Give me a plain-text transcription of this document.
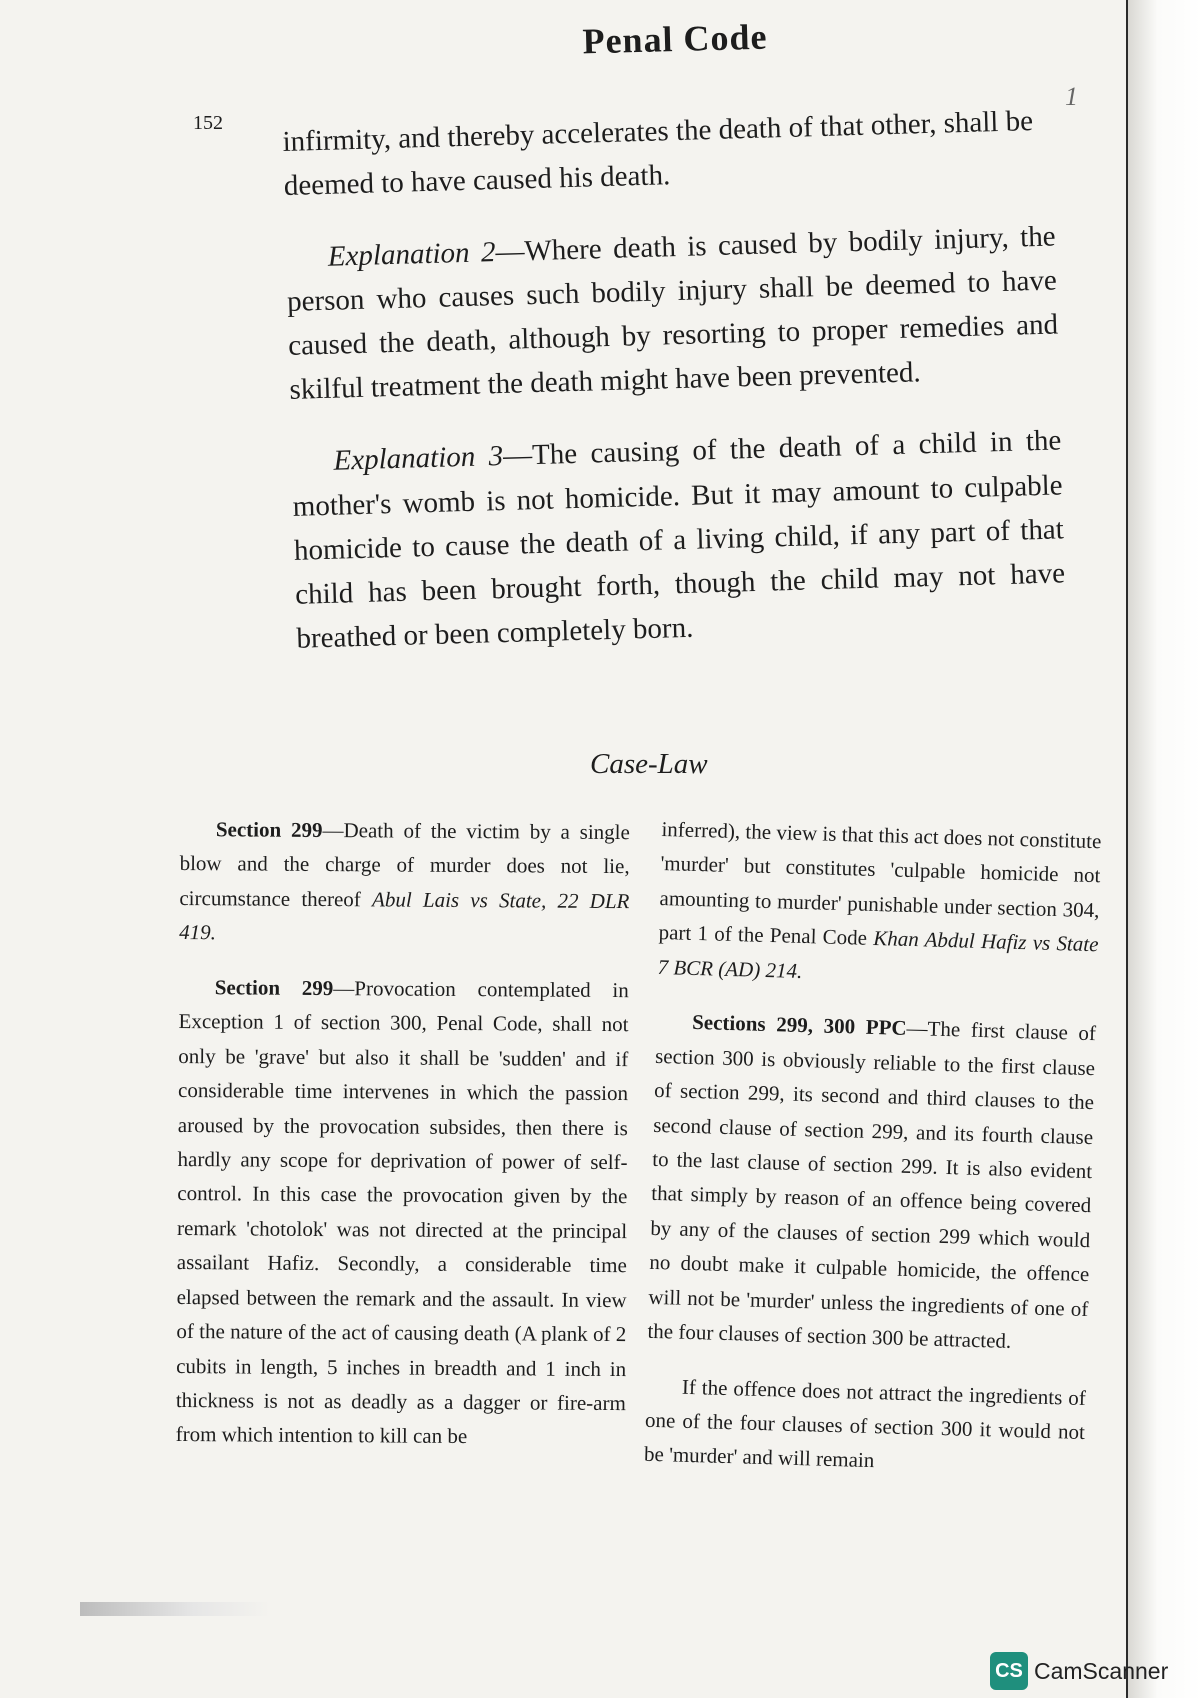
Penal Code
152
1

infirmity, and thereby accelerates the death of that other, shall be deemed to have caused his death.

Explanation 2—Where death is caused by bodily injury, the person who causes such bodily injury shall be deemed to have caused the death, although by resorting to proper remedies and skilful treatment the death might have been prevented.

Explanation 3—The causing of the death of a child in the mother's womb is not homicide. But it may amount to culpable homicide to cause the death of a living child, if any part of that child has been brought forth, though the child may not have breathed or been completely born.

Case-Law

Section 299—Death of the victim by a single blow and the charge of murder does not lie, circumstance thereof Abul Lais vs State, 22 DLR 419.

Section 299—Provocation contemplated in Exception 1 of section 300, Penal Code, shall not only be 'grave' but also it shall be 'sudden' and if considerable time intervenes in which the passion aroused by the provocation subsides, then there is hardly any scope for deprivation of power of self-control. In this case the provocation given by the remark 'chotolok' was not directed at the principal assailant Hafiz. Secondly, a considerable time elapsed between the remark and the assault. In view of the nature of the act of causing death (A plank of 2 cubits in length, 5 inches in breadth and 1 inch in thickness is not as deadly as a dagger or fire-arm from which intention to kill can be

inferred), the view is that this act does not constitute 'murder' but constitutes 'culpable homicide not amounting to murder' punishable under section 304, part 1 of the Penal Code Khan Abdul Hafiz vs State 7 BCR (AD) 214.

Sections 299, 300 PPC—The first clause of section 300 is obviously reliable to the first clause of section 299, its second and third clauses to the second clause of section 299, and its fourth clause to the last clause of section 299. It is also evident that simply by reason of an offence being covered by any of the clauses of section 299 which would no doubt make it culpable homicide, the offence will not be 'murder' unless the ingredients of one of the four clauses of section 300 be attracted.

If the offence does not attract the ingredients of one of the four clauses of section 300 it would not be 'murder' and will remain

CS CamScanner
